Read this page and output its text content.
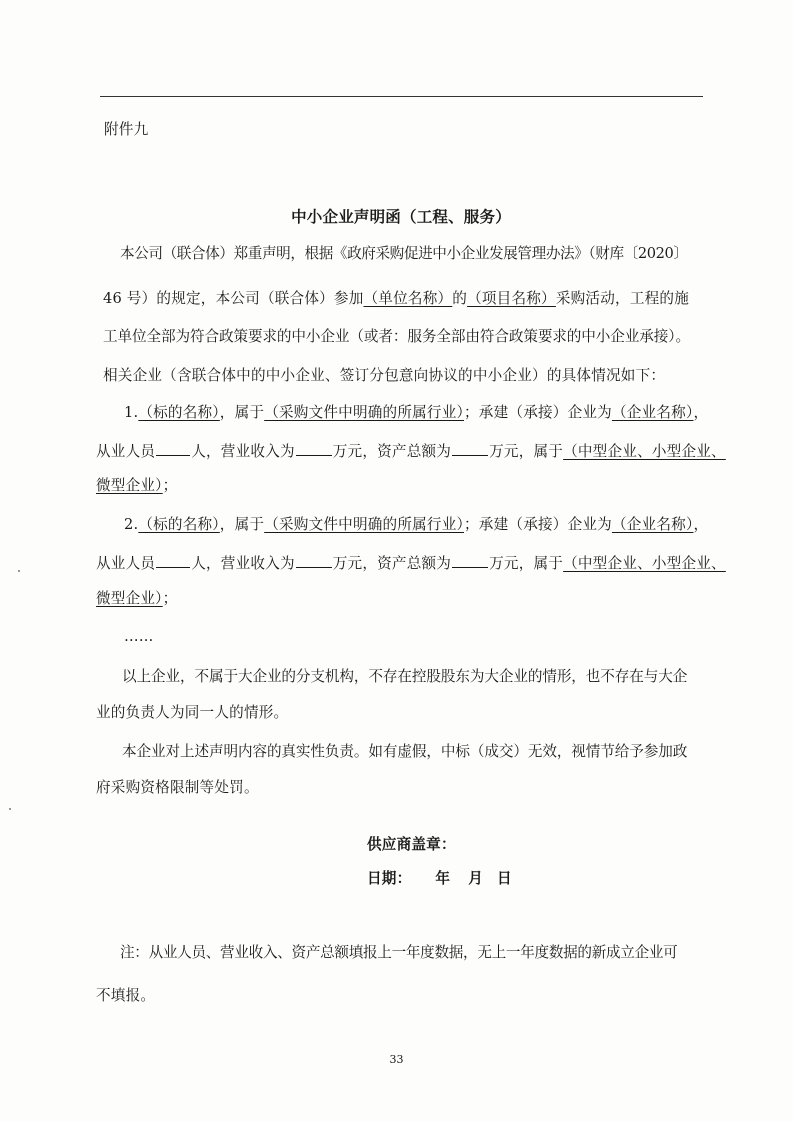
附件九
中小企业声明函（工程、服务）
本公司（联合体）郑重声明，根据《政府采购促进中小企业发展管理办法》（财库〔2020〕
46 号）的规定，本公司（联合体）参加（单位名称）的（项目名称）采购活动，工程的施
工单位全部为符合政策要求的中小企业（或者：服务全部由符合政策要求的中小企业承接）。
相关企业（含联合体中的中小企业、签订分包意向协议的中小企业）的具体情况如下：
1.（标的名称），属于（采购文件中明确的所属行业）；承建（承接）企业为（企业名称），
从业人员 人，营业收入为	万元，资产总额为	万元，属于（中型企业、小型企业、
微型企业）；
2.（标的名称），属于（采购文件中明确的所属行业）；承建（承接）企业为（企业名称），
从业人员 人，营业收入为	万元，资产总额为	万元，属于（中型企业、小型企业、
微型企业）；
……
以上企业，不属于大企业的分支机构，不存在控股股东为大企业的情形，也不存在与大企
业的负责人为同一人的情形。
本企业对上述声明内容的真实性负责。如有虚假，中标（成交）无效，视情节给予参加政
府采购资格限制等处罚。
供应商盖章：
日期： 年 月 日
注：从业人员、营业收入、资产总额填报上一年度数据，无上一年度数据的新成立企业可
不填报。
33
